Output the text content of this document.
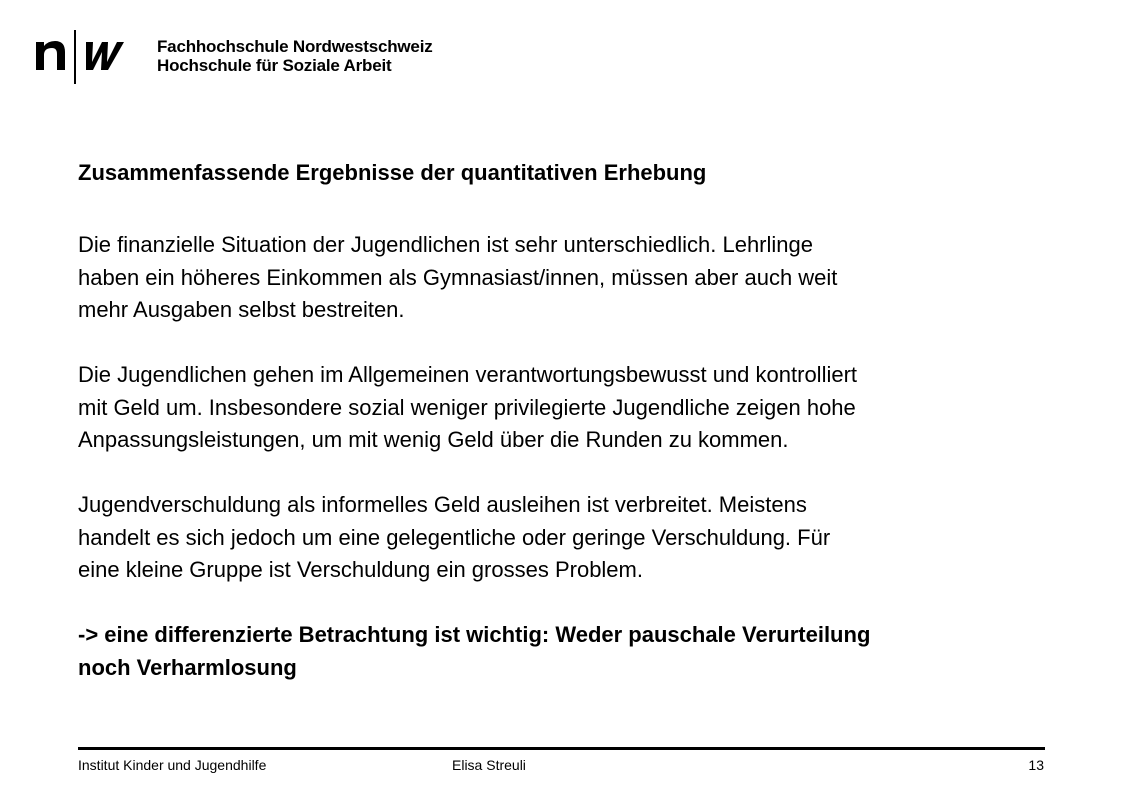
Fachhochschule Nordwestschweiz
Hochschule für Soziale Arbeit
Zusammenfassende Ergebnisse der quantitativen Erhebung
Die finanzielle Situation der Jugendlichen ist sehr unterschiedlich. Lehrlinge
haben ein höheres Einkommen als Gymnasiast/innen, müssen aber auch weit
mehr Ausgaben selbst bestreiten.
Die Jugendlichen gehen im Allgemeinen verantwortungsbewusst und kontrolliert
mit Geld um. Insbesondere sozial weniger privilegierte Jugendliche zeigen hohe
Anpassungsleistungen, um mit wenig Geld über die Runden zu kommen.
Jugendverschuldung als informelles Geld ausleihen ist verbreitet. Meistens
handelt es sich jedoch um eine gelegentliche oder geringe Verschuldung. Für
eine kleine Gruppe ist Verschuldung ein grosses Problem.
-> eine differenzierte Betrachtung ist wichtig: Weder pauschale Verurteilung
noch Verharmlosung
Institut Kinder und Jugendhilfe	Elisa Streuli	13
